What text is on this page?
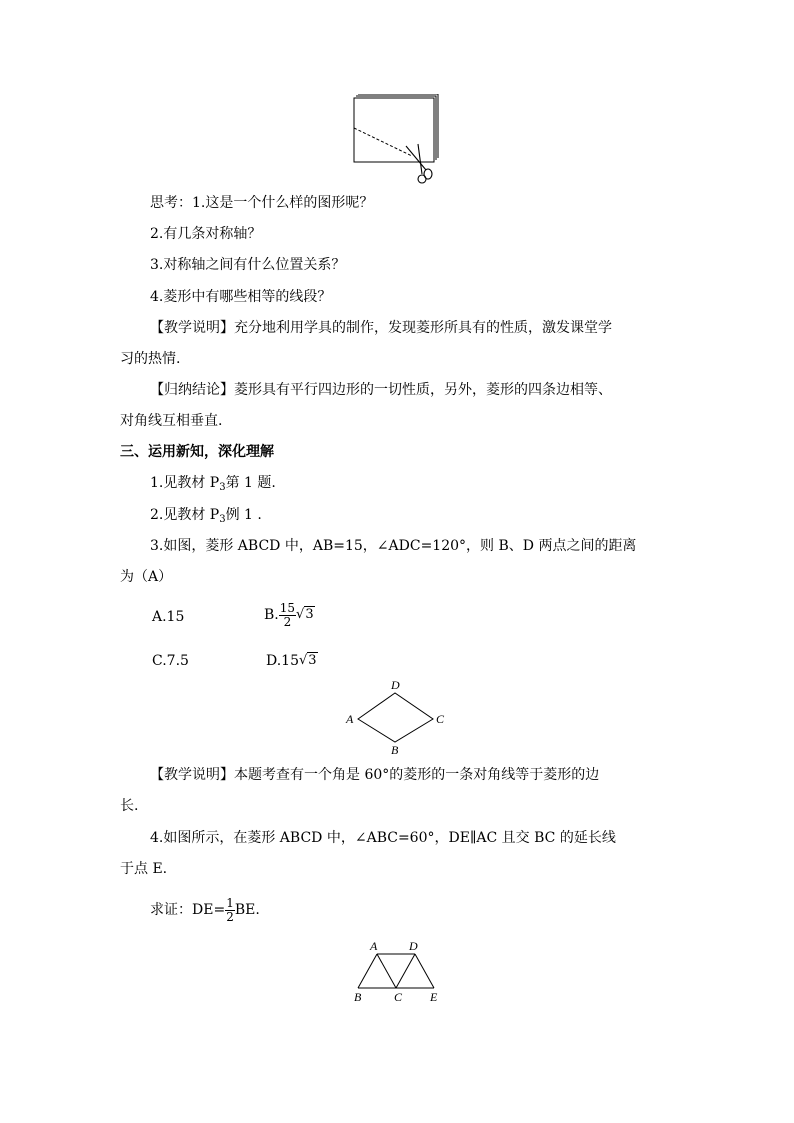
思考：1.这是一个什么样的图形呢？
2.有几条对称轴？
3.对称轴之间有什么位置关系？
4.菱形中有哪些相等的线段？
【教学说明】充分地利用学具的制作，发现菱形所具有的性质，激发课堂学
习的热情.
【归纳结论】菱形具有平行四边形的一切性质，另外，菱形的四条边相等、
对角线互相垂直.
三、运用新知，深化理解
1.见教材 $P_3$第 1 题.
2.见教材 $P_3$例 1 .
3.如图，菱形 ABCD 中，AB=15，∠ADC=120°，则 B、D 两点之间的距离
为（A）
A.15	B. $\frac{15}{2} √3$
C.7.5	D.15√3
D
A	C
B
【教学说明】本题考查有一个角是 60°的菱形的一条对角线等于菱形的边
长.
4.如图所示，在菱形 ABCD 中，∠ABC=60°，DE∥AC 且交 BC 的延长线
于点 E.
求证：$DE= \frac{1}{2}$ BE.
A	D
B	C E
